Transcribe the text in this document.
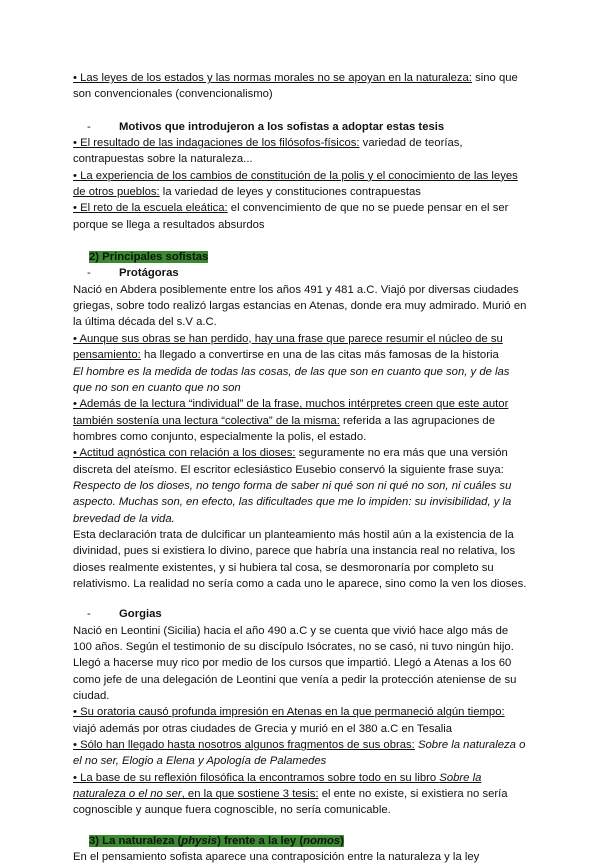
• Las leyes de los estados y las normas morales no se apoyan en la naturaleza: sino que son convencionales (convencionalismo)

- Motivos que introdujeron a los sofistas a adoptar estas tesis

• El resultado de las indagaciones de los filósofos-físicos: variedad de teorías, contrapuestas sobre la naturaleza...

• La experiencia de los cambios de constitución de la polis y el conocimiento de las leyes de otros pueblos: la variedad de leyes y constituciones contrapuestas

• El reto de la escuela eleática: el convencimiento de que no se puede pensar en el ser porque se llega a resultados absurdos

2) Principales sofistas

- Protágoras

Nació en Abdera posiblemente entre los años 491 y 481 a.C. Viajó por diversas ciudades griegas, sobre todo realizó largas estancias en Atenas, donde era muy admirado. Murió en la última década del s.V a.C.

• Aunque sus obras se han perdido, hay una frase que parece resumir el núcleo de su pensamiento: ha llegado a convertirse en una de las citas más famosas de la historia

El hombre es la medida de todas las cosas, de las que son en cuanto que son, y de las que no son en cuanto que no son

• Además de la lectura “individual” de la frase, muchos intérpretes creen que este autor también sostenía una lectura “colectiva” de la misma: referida a las agrupaciones de hombres como conjunto, especialmente la polis, el estado.

• Actitud agnóstica con relación a los dioses: seguramente no era más que una versión discreta del ateísmo. El escritor eclesiástico Eusebio conservó la siguiente frase suya:

Respecto de los dioses, no tengo forma de saber ni qué son ni qué no son, ni cuáles su aspecto. Muchas son, en efecto, las dificultades que me lo impiden: su invisibilidad, y la brevedad de la vida.

Esta declaración trata de dulcificar un planteamiento más hostil aún a la existencia de la divinidad, pues si existiera lo divino, parece que habría una instancia real no relativa, los dioses realmente existentes, y si hubiera tal cosa, se desmoronaría por completo su relativismo. La realidad no sería como a cada uno le aparece, sino como la ven los dioses.

- Gorgias

Nació en Leontini (Sicilia) hacia el año 490 a.C y se cuenta que vivió hace algo más de 100 años. Según el testimonio de su discípulo Isócrates, no se casó, ni tuvo ningún hijo. Llegó a hacerse muy rico por medio de los cursos que impartió. Llegó a Atenas a los 60 como jefe de una delegación de Leontini que venía a pedir la protección ateniense de su ciudad.

• Su oratoria causó profunda impresión en Atenas en la que permaneció algún tiempo: viajó además por otras ciudades de Grecia y murió en el 380 a.C en Tesalia

• Sólo han llegado hasta nosotros algunos fragmentos de sus obras: Sobre la naturaleza o el no ser, Elogio a Elena y Apología de Palamedes

• La base de su reflexión filosófica la encontramos sobre todo en su libro Sobre la naturaleza o el no ser, en la que sostiene 3 tesis: el ente no existe, si existiera no sería cognoscible y aunque fuera cognoscible, no sería comunicable.

3) La naturaleza (physis) frente a la ley (nomos)

En el pensamiento sofista aparece una contraposición entre la naturaleza y la ley
